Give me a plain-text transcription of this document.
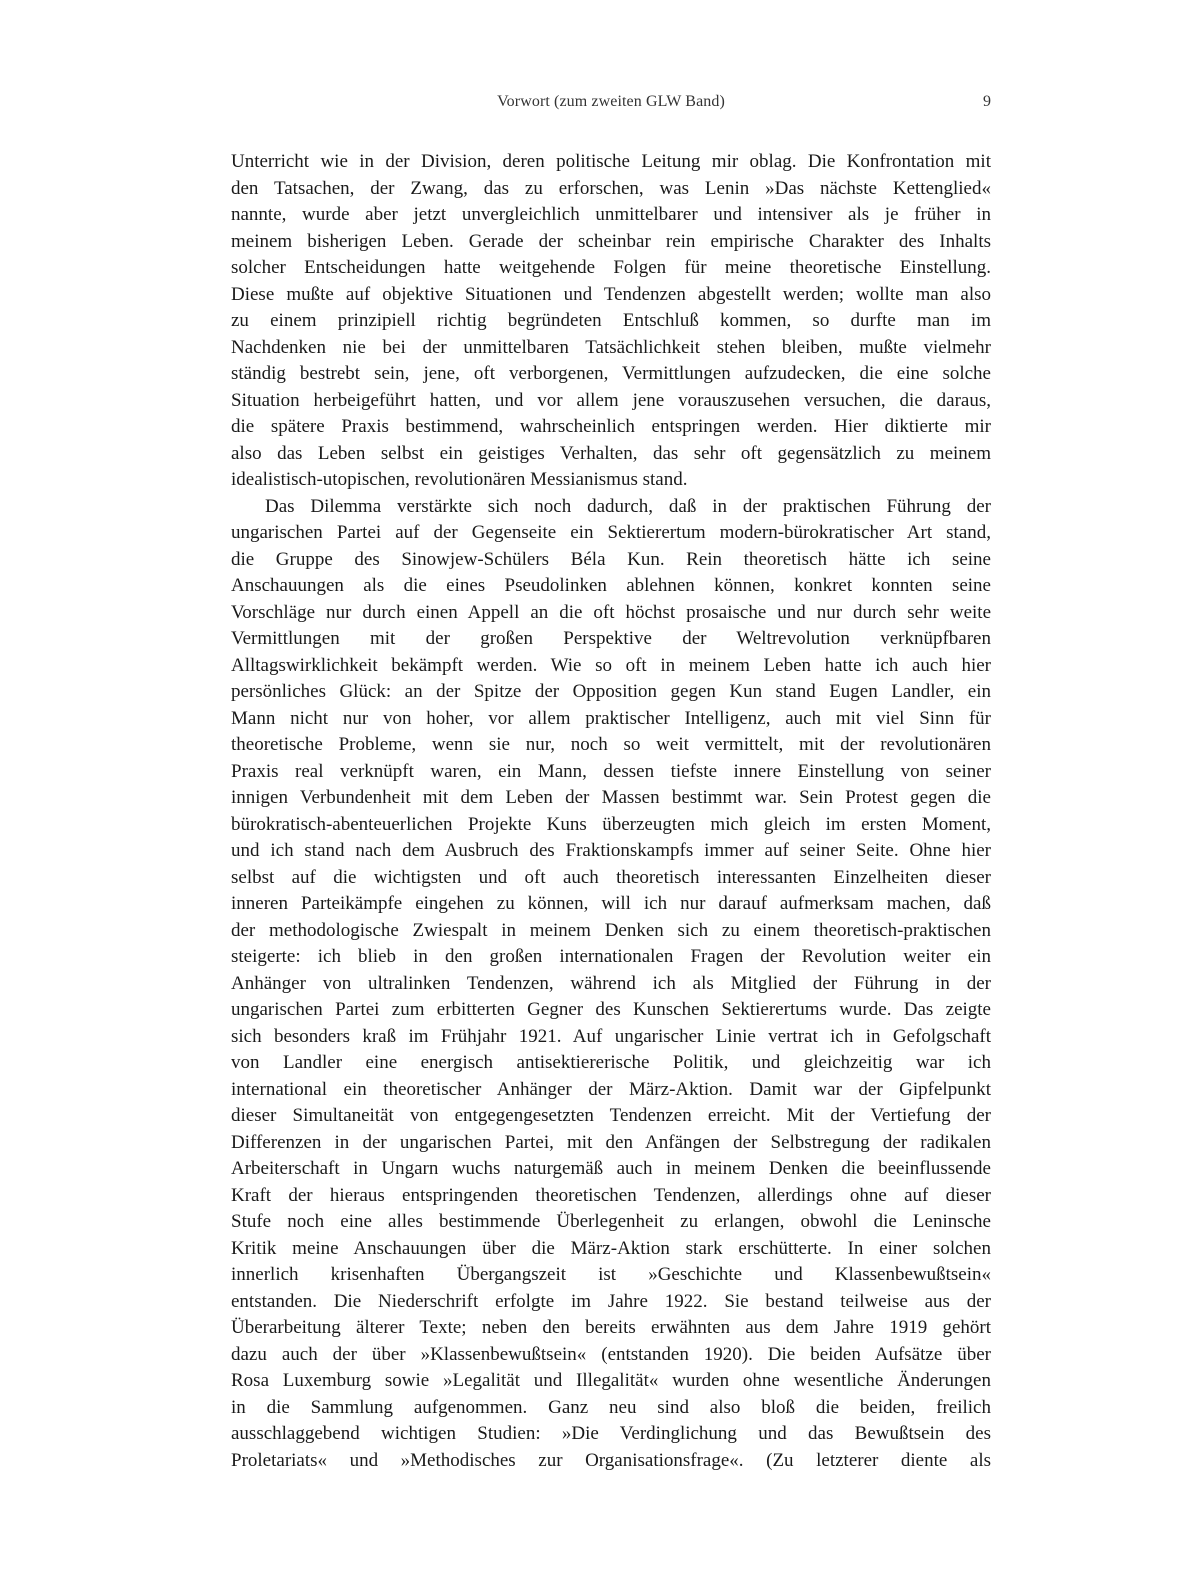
Vorwort (zum zweiten GLW Band)	9
Unterricht wie in der Division, deren politische Leitung mir oblag. Die Konfrontation mit
den Tatsachen, der Zwang, das zu erforschen, was Lenin »Das nächste Kettenglied«
nannte, wurde aber jetzt unvergleichlich unmittelbarer und intensiver als je früher in
meinem bisherigen Leben. Gerade der scheinbar rein empirische Charakter des Inhalts
solcher Entscheidungen hatte weitgehende Folgen für meine theoretische Einstellung.
Diese mußte auf objektive Situationen und Tendenzen abgestellt werden; wollte man also
zu einem prinzipiell richtig begründeten Entschluß kommen, so durfte man im
Nachdenken nie bei der unmittelbaren Tatsächlichkeit stehen bleiben, mußte vielmehr
ständig bestrebt sein, jene, oft verborgenen, Vermittlungen aufzudecken, die eine solche
Situation herbeigeführt hatten, und vor allem jene vorauszusehen versuchen, die daraus,
die spätere Praxis bestimmend, wahrscheinlich entspringen werden. Hier diktierte mir
also das Leben selbst ein geistiges Verhalten, das sehr oft gegensätzlich zu meinem
idealistisch-utopischen, revolutionären Messianismus stand.
Das Dilemma verstärkte sich noch dadurch, daß in der praktischen Führung der
ungarischen Partei auf der Gegenseite ein Sektierertum modern-bürokratischer Art stand,
die Gruppe des Sinowjew-Schülers Béla Kun. Rein theoretisch hätte ich seine
Anschauungen als die eines Pseudolinken ablehnen können, konkret konnten seine
Vorschläge nur durch einen Appell an die oft höchst prosaische und nur durch sehr weite
Vermittlungen mit der großen Perspektive der Weltrevolution verknüpfbaren
Alltagswirklichkeit bekämpft werden. Wie so oft in meinem Leben hatte ich auch hier
persönliches Glück: an der Spitze der Opposition gegen Kun stand Eugen Landler, ein
Mann nicht nur von hoher, vor allem praktischer Intelligenz, auch mit viel Sinn für
theoretische Probleme, wenn sie nur, noch so weit vermittelt, mit der revolutionären
Praxis real verknüpft waren, ein Mann, dessen tiefste innere Einstellung von seiner
innigen Verbundenheit mit dem Leben der Massen bestimmt war. Sein Protest gegen die
bürokratisch-abenteuerlichen Projekte Kuns überzeugten mich gleich im ersten Moment,
und ich stand nach dem Ausbruch des Fraktionskampfs immer auf seiner Seite. Ohne hier
selbst auf die wichtigsten und oft auch theoretisch interessanten Einzelheiten dieser
inneren Parteikämpfe eingehen zu können, will ich nur darauf aufmerksam machen, daß
der methodologische Zwiespalt in meinem Denken sich zu einem theoretisch-praktischen
steigerte: ich blieb in den großen internationalen Fragen der Revolution weiter ein
Anhänger von ultralinken Tendenzen, während ich als Mitglied der Führung in der
ungarischen Partei zum erbitterten Gegner des Kunschen Sektierertums wurde. Das zeigte
sich besonders kraß im Frühjahr 1921. Auf ungarischer Linie vertrat ich in Gefolgschaft
von Landler eine energisch antisektiererische Politik, und gleichzeitig war ich
international ein theoretischer Anhänger der März-Aktion. Damit war der Gipfelpunkt
dieser Simultaneität von entgegengesetzten Tendenzen erreicht. Mit der Vertiefung der
Differenzen in der ungarischen Partei, mit den Anfängen der Selbstregung der radikalen
Arbeiterschaft in Ungarn wuchs naturgemäß auch in meinem Denken die beeinflussende
Kraft der hieraus entspringenden theoretischen Tendenzen, allerdings ohne auf dieser
Stufe noch eine alles bestimmende Überlegenheit zu erlangen, obwohl die Leninsche
Kritik meine Anschauungen über die März-Aktion stark erschütterte. In einer solchen
innerlich krisenhaften Übergangszeit ist »Geschichte und Klassenbewußtsein«
entstanden. Die Niederschrift erfolgte im Jahre 1922. Sie bestand teilweise aus der
Überarbeitung älterer Texte; neben den bereits erwähnten aus dem Jahre 1919 gehört
dazu auch der über »Klassenbewußtsein« (entstanden 1920). Die beiden Aufsätze über
Rosa Luxemburg sowie »Legalität und Illegalität« wurden ohne wesentliche Änderungen
in die Sammlung aufgenommen. Ganz neu sind also bloß die beiden, freilich
ausschlaggebend wichtigen Studien: »Die Verdinglichung und das Bewußtsein des
Proletariats« und »Methodisches zur Organisationsfrage«. (Zu letzterer diente als
